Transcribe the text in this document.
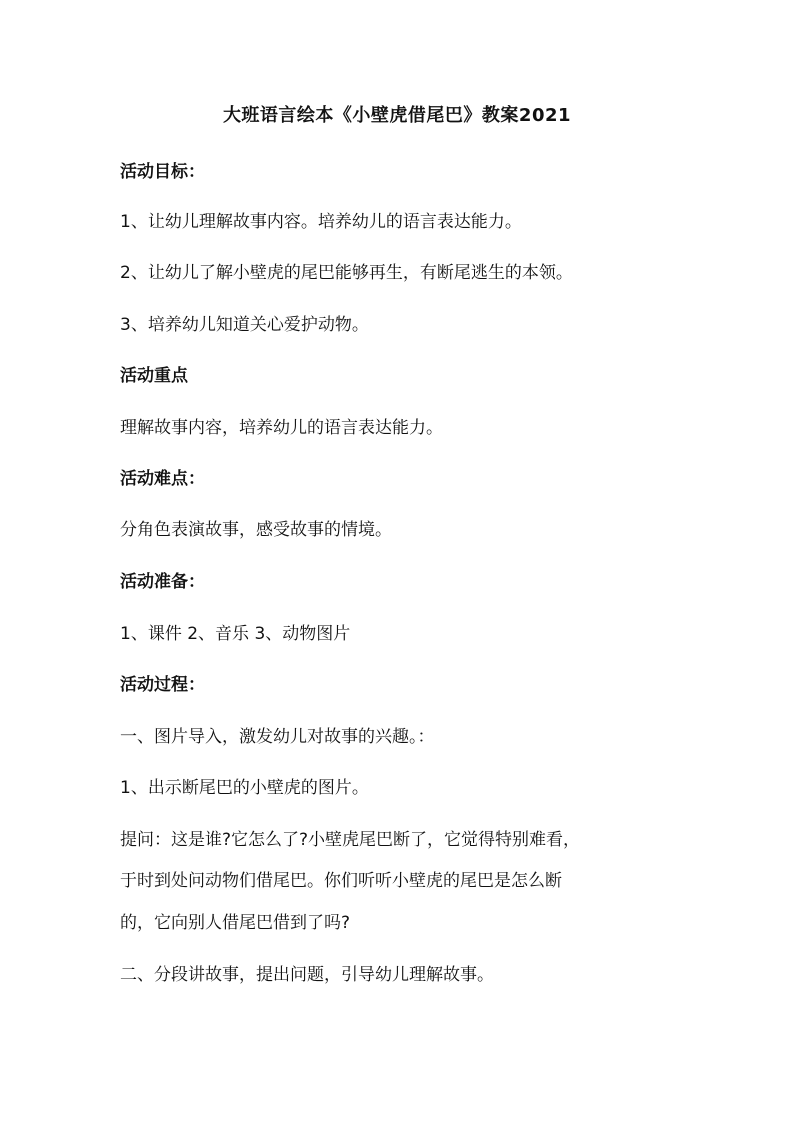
大班语言绘本《小壁虎借尾巴》教案2021
活动目标：
1、让幼儿理解故事内容。培养幼儿的语言表达能力。
2、让幼儿了解小壁虎的尾巴能够再生，有断尾逃生的本领。
3、培养幼儿知道关心爱护动物。
活动重点
理解故事内容，培养幼儿的语言表达能力。
活动难点：
分角色表演故事，感受故事的情境。
活动准备：
1、课件 2、音乐 3、动物图片
活动过程：
一、图片导入，激发幼儿对故事的兴趣。：
1、出示断尾巴的小壁虎的图片。
提问：这是谁?它怎么了?小壁虎尾巴断了，它觉得特别难看，
于时到处问动物们借尾巴。你们听听小壁虎的尾巴是怎么断
的，它向别人借尾巴借到了吗?
二、分段讲故事，提出问题，引导幼儿理解故事。
